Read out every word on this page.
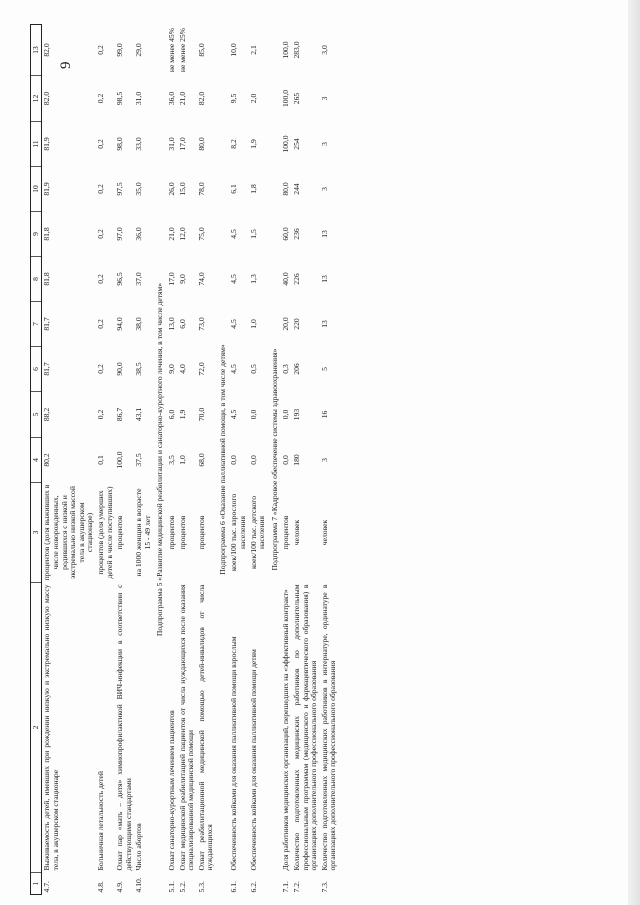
9
1	2	3	4	5	6	7	8	9	10	11	12	13
4.7.	Выживаемость детей, имевших при рождении низкую и экстремально низкую массу тела, в акушерском стационаре	процентов (доля выживших в числе новорожденных, родившихся с низкой и экстремально низкой массой тела в акушерском стационаре)	80,2	88,2	81,7	81,7	81,8	81,8	81,9	81,9	82,0	82,0
4.8.	Больничная летальность детей	процентов (доля умерших детей в числе поступивших)	0,1	0,2	0,2	0,2	0,2	0,2	0,2	0,2	0,2	0,2
4.9.	Охват пар «мать – дитя» химиопрофилактикой ВИЧ-инфекции в соответствии с действующими стандартами	процентов	100,0	86,7	90,0	94,0	96,5	97,0	97,5	98,0	98,5	99,0
4.10.	Число абортов	на 1000 женщин в возрасте 15 - 49 лет	37,5	43,1	38,5	38,0	37,0	36,0	35,0	33,0	31,0	29,0
Подпрограмма 5 «Развитие медицинской реабилитации и санаторно-курортного лечения, в том числе детям»												
5.1.	Охват санаторно-курортным лечением пациентов	процентов	3,5	6,0	9,0	13,0	17,0	21,0	26,0	31,0	36,0	не менее 45%
5.2.	Охват медицинской реабилитацией пациентов от числа нуждающихся после оказания специализированной медицинской помощи	процентов	1,0	1,9	4,0	6,0	9,0	12,0	15,0	17,0	21,0	не менее 25%
5.3.	Охват реабилитационной медицинской помощью детей-инвалидов от числа нуждающихся	процентов	68,0	70,0	72,0	73,0	74,0	75,0	78,0	80,0	82,0	85,0
Подпрограмма 6 «Оказание паллиативной помощи, в том числе детям»												
6.1.	Обеспеченность койками для оказания паллиативной помощи взрослым	коек/100 тыс. взрослого населения	0,0	4,5	4,5	4,5	4,5	4,5	6,1	8,2	9,5	10,0
6.2.	Обеспеченность койками для оказания паллиативной помощи детям	коек/100 тыс. детского населения	0,0	0,0	0,5	1,0	1,3	1,5	1,8	1,9	2,0	2,1
Подпрограмма 7 «Кадровое обеспечение системы здравоохранения»												
7.1.	Доля работников медицинских организаций, перешедших на «эффективный контракт»	процентов	0,0	0,0	0,3	20,0	40,0	60,0	80,0	100,0	100,0	100,0
7.2.	Количество подготовленных медицинских работников по дополнительным профессиональным программам (медицинского и фармацевтического образования) в организациях дополнительного профессионального образования	человек	180	193	206	220	226	236	244	254	265	283,0
7.3.	Количество подготовленных медицинских работников в интернатуре, ординатуре в организациях дополнительного профессионального образования	человек	3	16	5	13	13	13	3	3	3	3,0
